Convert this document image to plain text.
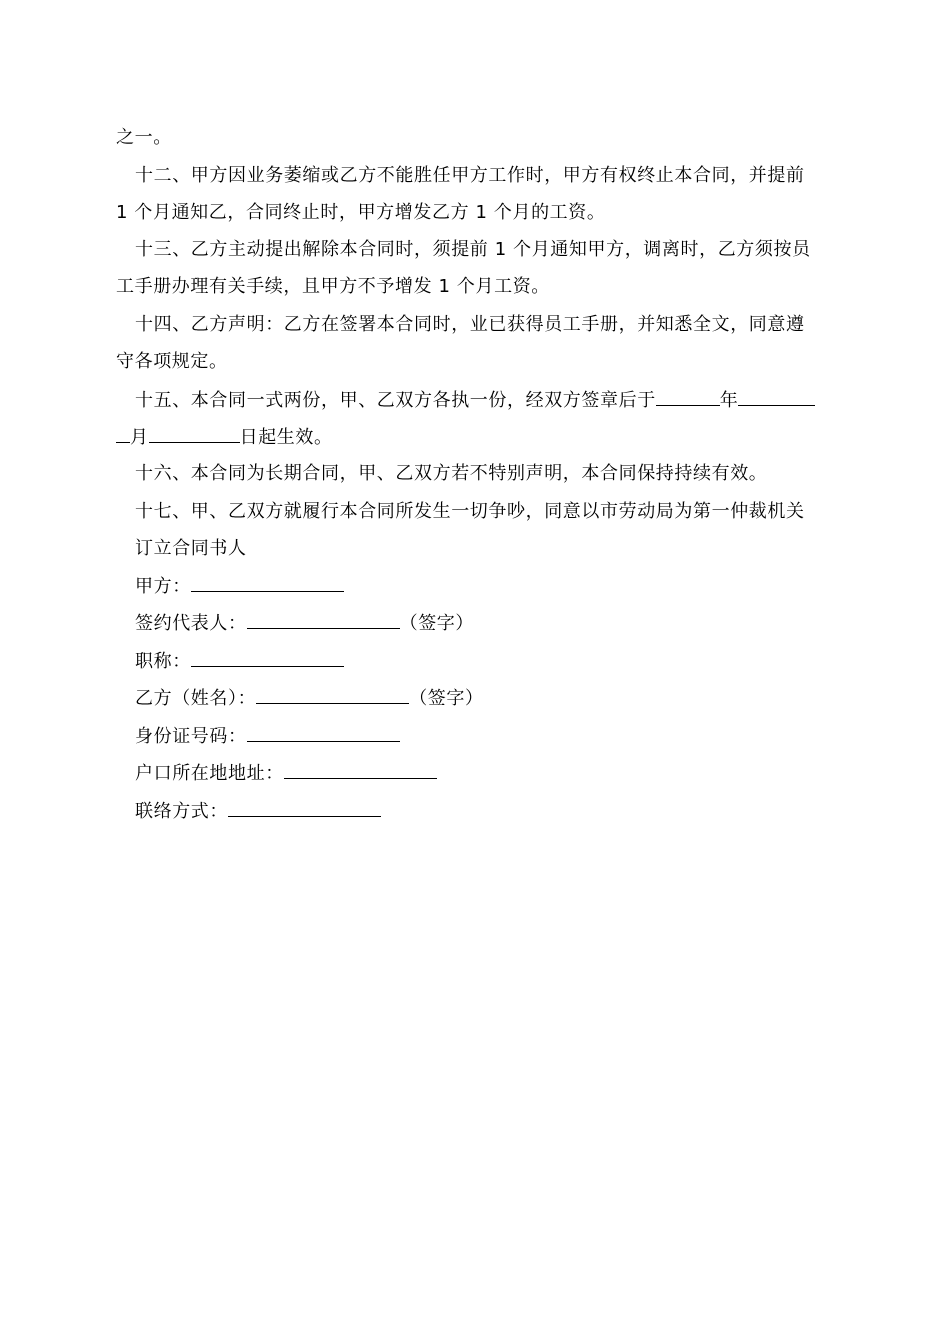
之一。
十二、甲方因业务萎缩或乙方不能胜任甲方工作时，甲方有权终止本合同，并提前
1 个月通知乙，合同终止时，甲方增发乙方 1 个月的工资。
十三、乙方主动提出解除本合同时，须提前 1 个月通知甲方，调离时，乙方须按员
工手册办理有关手续，且甲方不予增发 1 个月工资。
十四、乙方声明：乙方在签署本合同时，业已获得员工手册，并知悉全文，同意遵
守各项规定。
十五、本合同一式两份，甲、乙双方各执一份，经双方签章后于	年
月	日起生效。
十六、本合同为长期合同，甲、乙双方若不特别声明，本合同保持持续有效。
十七、甲、乙双方就履行本合同所发生一切争吵，同意以市劳动局为第一仲裁机关
订立合同书人
甲方：
签约代表人：	（签字）
职称：
乙方（姓名）：	（签字）
身份证号码：
户口所在地地址：
联络方式：
